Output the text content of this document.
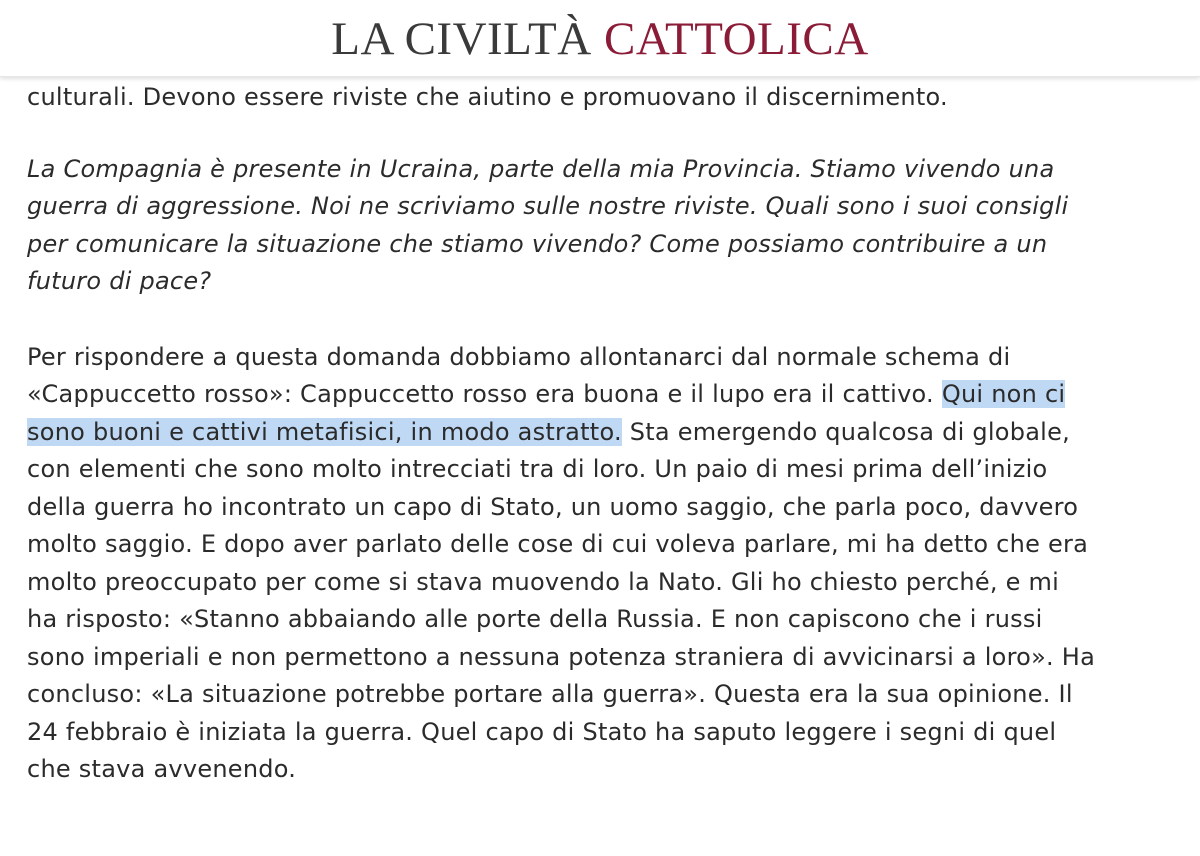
LA CIVILTÀ CATTOLICA
culturali. Devono essere riviste che aiutino e promuovano il discernimento.
La Compagnia è presente in Ucraina, parte della mia Provincia. Stiamo vivendo una
guerra di aggressione. Noi ne scriviamo sulle nostre riviste. Quali sono i suoi consigli
per comunicare la situazione che stiamo vivendo? Come possiamo contribuire a un
futuro di pace?
Per rispondere a questa domanda dobbiamo allontanarci dal normale schema di
«Cappuccetto rosso»: Cappuccetto rosso era buona e il lupo era il cattivo. Qui non ci
sono buoni e cattivi metafisici, in modo astratto. Sta emergendo qualcosa di globale,
con elementi che sono molto intrecciati tra di loro. Un paio di mesi prima dell’inizio
della guerra ho incontrato un capo di Stato, un uomo saggio, che parla poco, davvero
molto saggio. E dopo aver parlato delle cose di cui voleva parlare, mi ha detto che era
molto preoccupato per come si stava muovendo la Nato. Gli ho chiesto perché, e mi
ha risposto: «Stanno abbaiando alle porte della Russia. E non capiscono che i russi
sono imperiali e non permettono a nessuna potenza straniera di avvicinarsi a loro». Ha
concluso: «La situazione potrebbe portare alla guerra». Questa era la sua opinione. Il
24 febbraio è iniziata la guerra. Quel capo di Stato ha saputo leggere i segni di quel
che stava avvenendo.
